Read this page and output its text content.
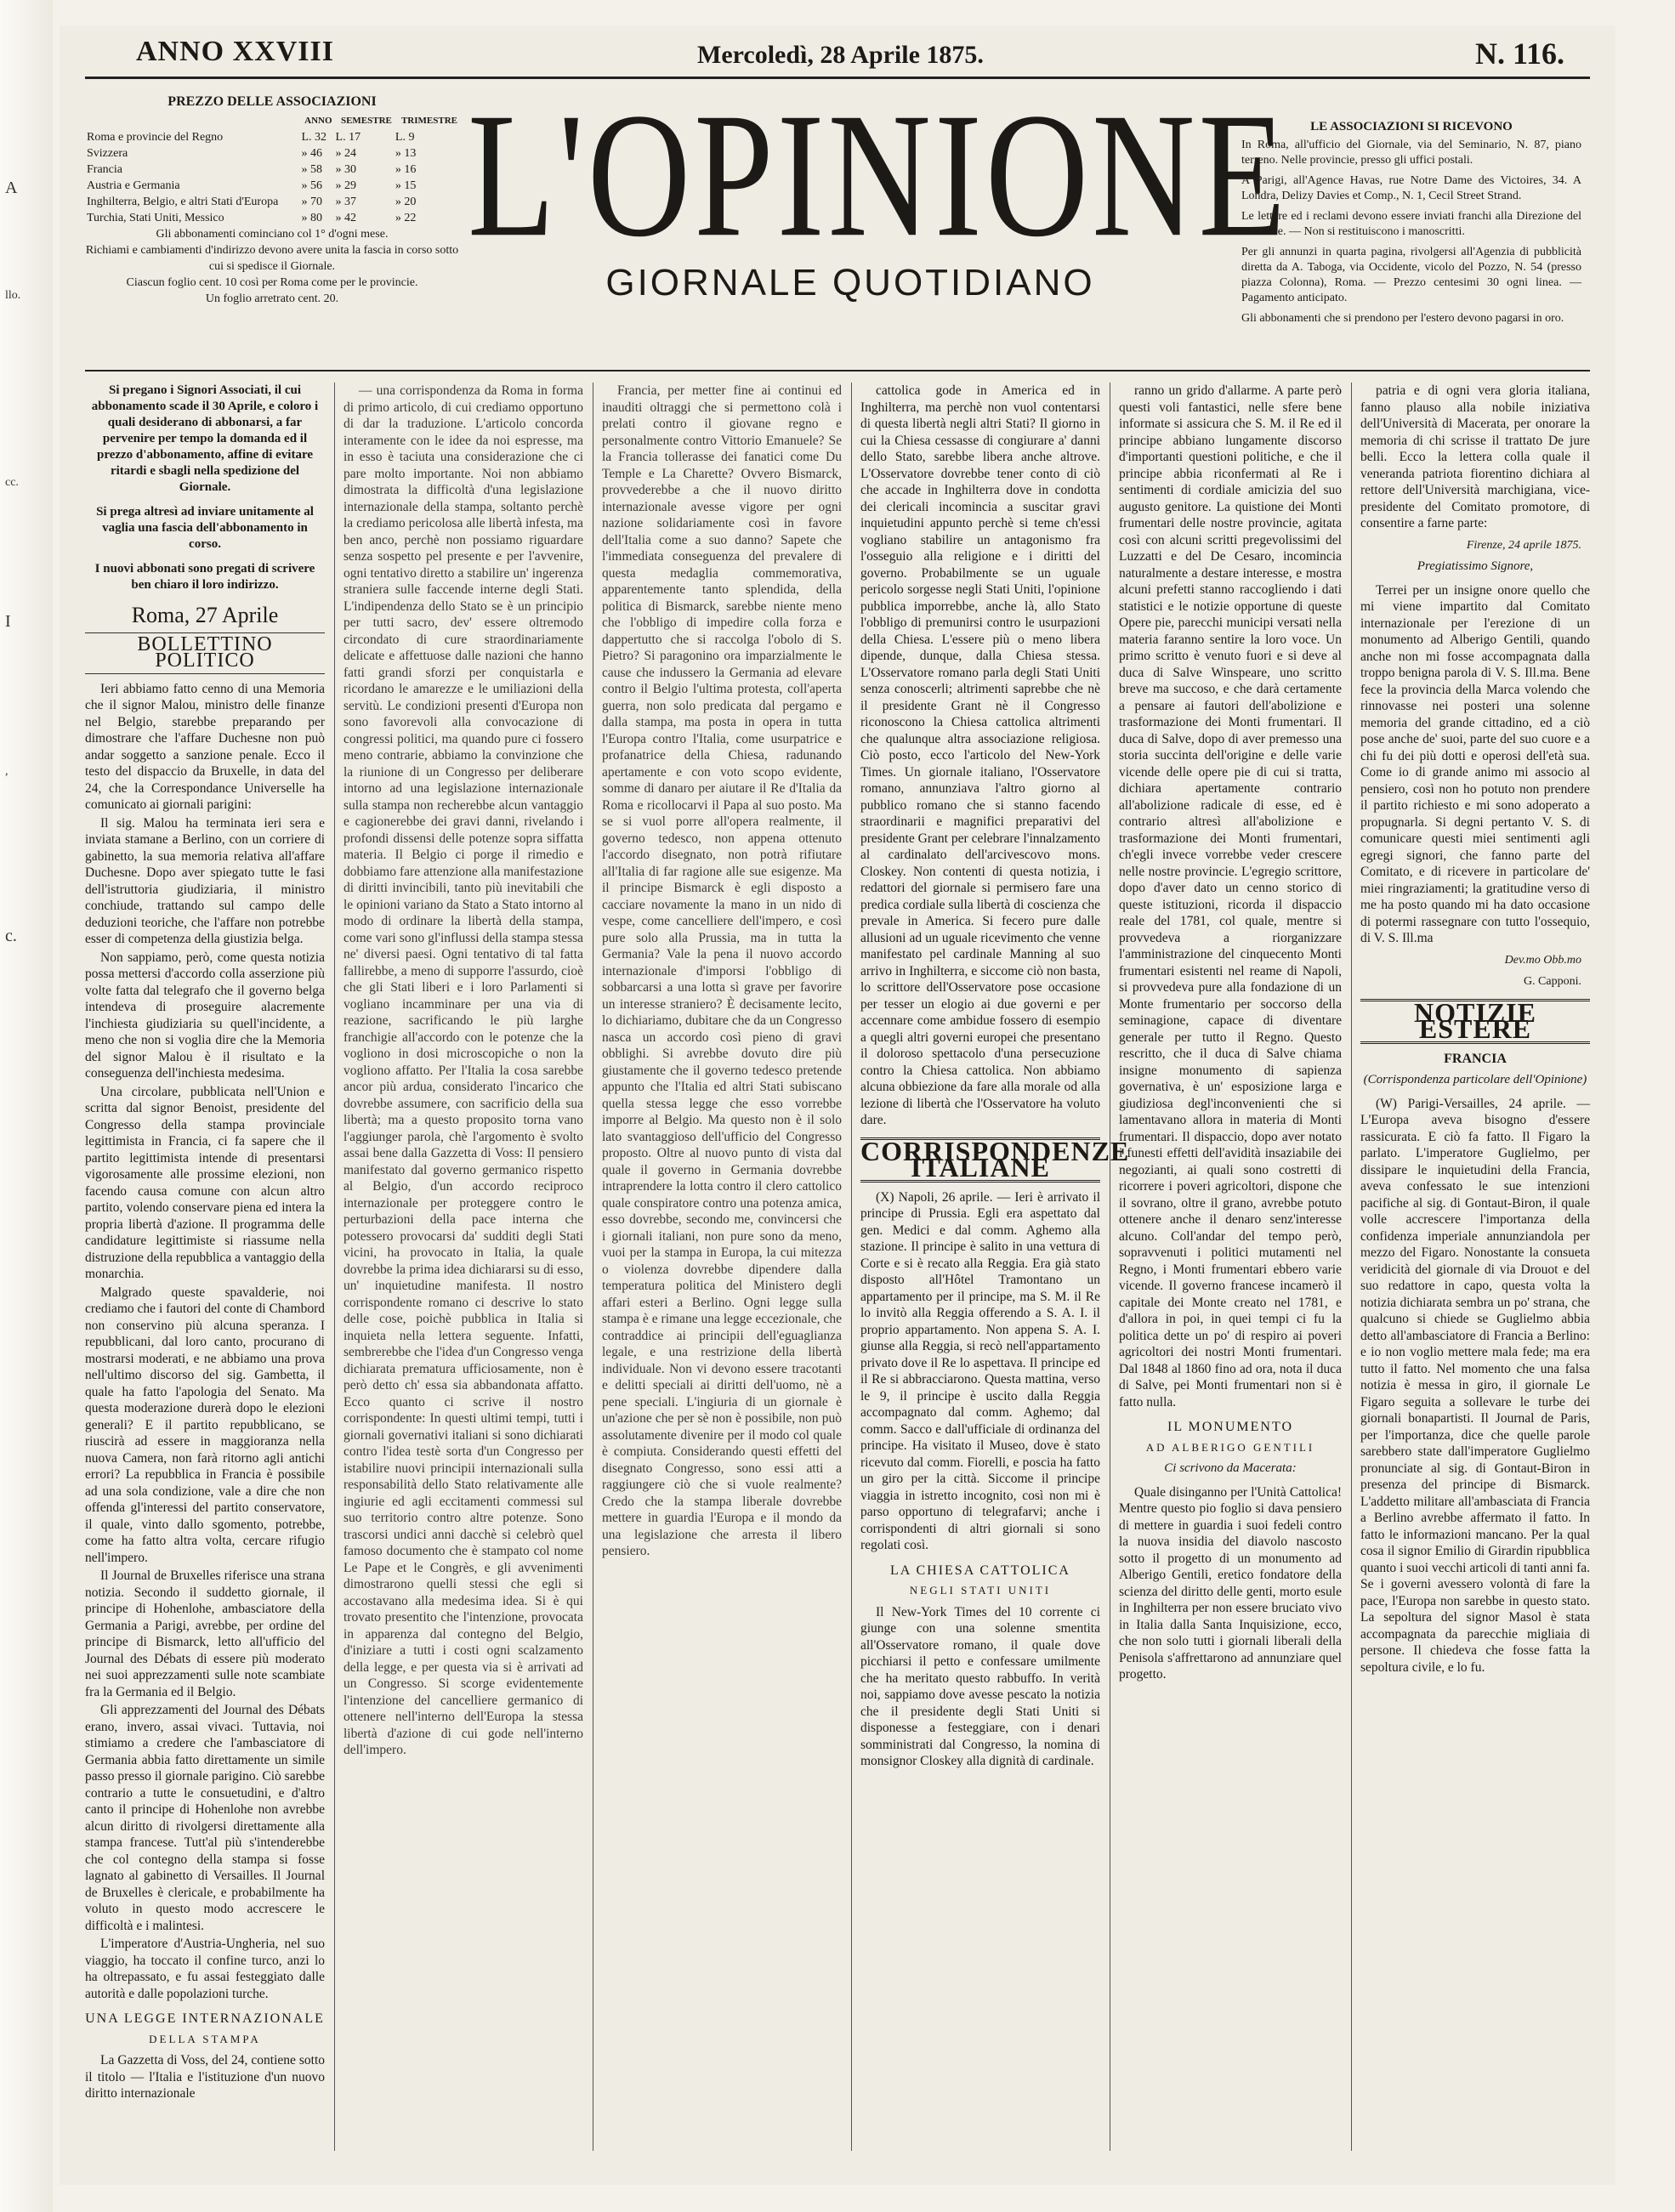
A
llo.
cc.
I
,
c.
ANNO XXVIII	Mercoledì, 28 Aprile 1875.	N. 116.
PREZZO DELLE ASSOCIAZIONI
	ANNO	SEMESTRE	TRIMESTRE
Roma e provincie del Regno	L. 32	L. 17	L. 9
Svizzera	» 46	» 24	» 13
Francia	» 58	» 30	» 16
Austria e Germania	» 56	» 29	» 15
Inghilterra, Belgio, e altri Stati d'Europa	» 70	» 37	» 20
Turchia, Stati Uniti, Messico	» 80	» 42	» 22

Gli abbonamenti cominciano col 1° d'ogni mese.

Richiami e cambiamenti d'indirizzo devono avere unita la fascia in corso sotto cui si spedisce il Giornale.

Ciascun foglio cent. 10 così per Roma come per le provincie.

Un foglio arretrato cent. 20.

L'OPINIONE
GIORNALE QUOTIDIANO
LE ASSOCIAZIONI SI RICEVONO

In Roma, all'ufficio del Giornale, via del Seminario, N. 87, piano terreno. Nelle provincie, presso gli uffici postali.

A Parigi, all'Agence Havas, rue Notre Dame des Victoires, 34. A Londra, Delizy Davies et Comp., N. 1, Cecil Street Strand.

Le lettere ed i reclami devono essere inviati franchi alla Direzione del Giornale. — Non si restituiscono i manoscritti.

Per gli annunzi in quarta pagina, rivolgersi all'Agenzia di pubblicità diretta da A. Taboga, via Occidente, vicolo del Pozzo, N. 54 (presso piazza Colonna), Roma. — Prezzo centesimi 30 ogni linea. — Pagamento anticipato.

Gli abbonamenti che si prendono per l'estero devono pagarsi in oro.

Si pregano i Signori Associati, il cui abbonamento scade il 30 Aprile, e coloro i quali desiderano di abbonarsi, a far pervenire per tempo la domanda ed il prezzo d'abbonamento, affine di evitare ritardi e sbagli nella spedizione del Giornale.
Si prega altresì ad inviare unitamente al vaglia una fascia dell'abbonamento in corso.
I nuovi abbonati sono pregati di scrivere ben chiaro il loro indirizzo.
Roma, 27 Aprile
BOLLETTINO POLITICO

Ieri abbiamo fatto cenno di una Memoria che il signor Malou, ministro delle finanze nel Belgio, starebbe preparando per dimostrare che l'affare Duchesne non può andar soggetto a sanzione penale. Ecco il testo del dispaccio da Bruxelle, in data del 24, che la Correspondance Universelle ha comunicato ai giornali parigini:

Il sig. Malou ha terminata ieri sera e inviata stamane a Berlino, con un corriere di gabinetto, la sua memoria relativa all'affare Duchesne. Dopo aver spiegato tutte le fasi dell'istruttoria giudiziaria, il ministro conchiude, trattando sul campo delle deduzioni teoriche, che l'affare non potrebbe esser di competenza della giustizia belga.

Non sappiamo, però, come questa notizia possa mettersi d'accordo colla asserzione più volte fatta dal telegrafo che il governo belga intendeva di proseguire alacremente l'inchiesta giudiziaria su quell'incidente, a meno che non si voglia dire che la Memoria del signor Malou è il risultato e la conseguenza dell'inchiesta medesima.

Una circolare, pubblicata nell'Union e scritta dal signor Benoist, presidente del Congresso della stampa provinciale legittimista in Francia, ci fa sapere che il partito legittimista intende di presentarsi vigorosamente alle prossime elezioni, non facendo causa comune con alcun altro partito, volendo conservare piena ed intera la propria libertà d'azione. Il programma delle candidature legittimiste si riassume nella distruzione della repubblica a vantaggio della monarchia.

Malgrado queste spavalderie, noi crediamo che i fautori del conte di Chambord non conservino più alcuna speranza. I repubblicani, dal loro canto, procurano di mostrarsi moderati, e ne abbiamo una prova nell'ultimo discorso del sig. Gambetta, il quale ha fatto l'apologia del Senato. Ma questa moderazione durerà dopo le elezioni generali? E il partito repubblicano, se riuscirà ad essere in maggioranza nella nuova Camera, non farà ritorno agli antichi errori? La repubblica in Francia è possibile ad una sola condizione, vale a dire che non offenda gl'interessi del partito conservatore, il quale, vinto dallo sgomento, potrebbe, come ha fatto altra volta, cercare rifugio nell'impero.

Il Journal de Bruxelles riferisce una strana notizia. Secondo il suddetto giornale, il principe di Hohenlohe, ambasciatore della Germania a Parigi, avrebbe, per ordine del principe di Bismarck, letto all'ufficio del Journal des Débats di essere più moderato nei suoi apprezzamenti sulle note scambiate fra la Germania ed il Belgio.

Gli apprezzamenti del Journal des Débats erano, invero, assai vivaci. Tuttavia, noi stimiamo a credere che l'ambasciatore di Germania abbia fatto direttamente un simile passo presso il giornale parigino. Ciò sarebbe contrario a tutte le consuetudini, e d'altro canto il principe di Hohenlohe non avrebbe alcun diritto di rivolgersi direttamente alla stampa francese. Tutt'al più s'intenderebbe che col contegno della stampa si fosse lagnato al gabinetto di Versailles. Il Journal de Bruxelles è clericale, e probabilmente ha voluto in questo modo accrescere le difficoltà e i malintesi.

L'imperatore d'Austria-Ungheria, nel suo viaggio, ha toccato il confine turco, anzi lo ha oltrepassato, e fu assai festeggiato dalle autorità e dalle popolazioni turche.

UNA LEGGE INTERNAZIONALE
DELLA STAMPA

La Gazzetta di Voss, del 24, contiene sotto il titolo — l'Italia e l'istituzione d'un nuovo diritto internazionale

— una corrispondenza da Roma in forma di primo articolo, di cui crediamo opportuno di dar la traduzione. L'articolo concorda interamente con le idee da noi espresse, ma in esso è taciuta una considerazione che ci pare molto importante. Noi non abbiamo dimostrata la difficoltà d'una legislazione internazionale della stampa, soltanto perchè la crediamo pericolosa alle libertà infesta, ma ben anco, perchè non possiamo riguardare senza sospetto pel presente e per l'avvenire, ogni tentativo diretto a stabilire un' ingerenza straniera sulle faccende interne degli Stati. L'indipendenza dello Stato se è un principio per tutti sacro, dev' essere oltremodo circondato di cure straordinariamente delicate e affettuose dalle nazioni che hanno fatti grandi sforzi per conquistarla e ricordano le amarezze e le umiliazioni della servitù. Le condizioni presenti d'Europa non sono favorevoli alla convocazione di congressi politici, ma quando pure ci fossero meno contrarie, abbiamo la convinzione che la riunione di un Congresso per deliberare intorno ad una legislazione internazionale sulla stampa non recherebbe alcun vantaggio e cagionerebbe dei gravi danni, rivelando i profondi dissensi delle potenze sopra siffatta materia. Il Belgio ci porge il rimedio e dobbiamo fare attenzione alla manifestazione di diritti invincibili, tanto più inevitabili che le opinioni variano da Stato a Stato intorno al modo di ordinare la libertà della stampa, come vari sono gl'influssi della stampa stessa ne' diversi paesi. Ogni tentativo di tal fatta fallirebbe, a meno di supporre l'assurdo, cioè che gli Stati liberi e i loro Parlamenti si vogliano incamminare per una via di reazione, sacrificando le più larghe franchigie all'accordo con le potenze che la vogliono in dosi microscopiche o non la vogliono affatto. Per l'Italia la cosa sarebbe ancor più ardua, considerato l'incarico che dovrebbe assumere, con sacrificio della sua libertà; ma a questo proposito torna vano l'aggiunger parola, chè l'argomento è svolto assai bene dalla Gazzetta di Voss: Il pensiero manifestato dal governo germanico rispetto al Belgio, d'un accordo reciproco internazionale per proteggere contro le perturbazioni della pace interna che potessero provocarsi da' sudditi degli Stati vicini, ha provocato in Italia, la quale dovrebbe la prima idea dichiararsi su di esso, un' inquietudine manifesta. Il nostro corrispondente romano ci descrive lo stato delle cose, poichè pubblica in Italia si inquieta nella lettera seguente. Infatti, sembrerebbe che l'idea d'un Congresso venga dichiarata prematura ufficiosamente, non è però detto ch' essa sia abbandonata affatto. Ecco quanto ci scrive il nostro corrispondente: In questi ultimi tempi, tutti i giornali governativi italiani si sono dichiarati contro l'idea testè sorta d'un Congresso per istabilire nuovi principii internazionali sulla responsabilità dello Stato relativamente alle ingiurie ed agli eccitamenti commessi sul suo territorio contro altre potenze. Sono trascorsi undici anni dacchè si celebrò quel famoso documento che è stampato col nome Le Pape et le Congrès, e gli avvenimenti dimostrarono quelli stessi che egli si accostavano alla medesima idea. Si è qui trovato presentito che l'intenzione, provocata in apparenza dal contegno del Belgio, d'iniziare a tutti i costi ogni scalzamento della legge, e per questa via si è arrivati ad un Congresso. Si scorge evidentemente l'intenzione del cancelliere germanico di ottenere nell'interno dell'Europa la stessa libertà d'azione di cui gode nell'interno dell'impero.

Francia, per metter fine ai continui ed inauditi oltraggi che si permettono colà i prelati contro il giovane regno e personalmente contro Vittorio Emanuele? Se la Francia tollerasse dei fanatici come Du Temple e La Charette? Ovvero Bismarck, provvederebbe a che il nuovo diritto internazionale avesse vigore per ogni nazione solidariamente così in favore dell'Italia come a suo danno? Sapete che l'immediata conseguenza del prevalere di questa medaglia commemorativa, apparentemente tanto splendida, della politica di Bismarck, sarebbe niente meno che l'obbligo di impedire colla forza e dappertutto che si raccolga l'obolo di S. Pietro? Si paragonino ora imparzialmente le cause che indussero la Germania ad elevare contro il Belgio l'ultima protesta, coll'aperta guerra, non solo predicata dal pergamo e dalla stampa, ma posta in opera in tutta l'Europa contro l'Italia, come usurpatrice e profanatrice della Chiesa, radunando apertamente e con voto scopo evidente, somme di danaro per aiutare il Re d'Italia da Roma e ricollocarvi il Papa al suo posto. Ma se si vuol porre all'opera realmente, il governo tedesco, non appena ottenuto l'accordo disegnato, non potrà rifiutare all'Italia di far ragione alle sue esigenze. Ma il principe Bismarck è egli disposto a cacciare novamente la mano in un nido di vespe, come cancelliere dell'impero, e così pure solo alla Prussia, ma in tutta la Germania? Vale la pena il nuovo accordo internazionale d'imporsi l'obbligo di sobbarcarsi a una lotta sì grave per favorire un interesse straniero? È decisamente lecito, lo dichiariamo, dubitare che da un Congresso nasca un accordo così pieno di gravi obblighi. Si avrebbe dovuto dire più giustamente che il governo tedesco pretende appunto che l'Italia ed altri Stati subiscano quella stessa legge che esso vorrebbe imporre al Belgio. Ma questo non è il solo lato svantaggioso dell'ufficio del Congresso proposto. Oltre al nuovo punto di vista dal quale il governo in Germania dovrebbe intraprendere la lotta contro il clero cattolico quale conspiratore contro una potenza amica, esso dovrebbe, secondo me, convincersi che i giornali italiani, non pure sono da meno, vuoi per la stampa in Europa, la cui mitezza o violenza dovrebbe dipendere dalla temperatura politica del Ministero degli affari esteri a Berlino. Ogni legge sulla stampa è e rimane una legge eccezionale, che contraddice ai principii dell'eguaglianza legale, e una restrizione della libertà individuale. Non vi devono essere tracotanti e delitti speciali ai diritti dell'uomo, nè a pene speciali. L'ingiuria di un giornale è un'azione che per sè non è possibile, non può assolutamente divenire per il modo col quale è compiuta. Considerando questi effetti del disegnato Congresso, sono essi atti a raggiungere ciò che si vuole realmente? Credo che la stampa liberale dovrebbe mettere in guardia l'Europa e il mondo da una legislazione che arresta il libero pensiero.

cattolica gode in America ed in Inghilterra, ma perchè non vuol contentarsi di questa libertà negli altri Stati? Il giorno in cui la Chiesa cessasse di congiurare a' danni dello Stato, sarebbe libera anche altrove. L'Osservatore dovrebbe tener conto di ciò che accade in Inghilterra dove in condotta dei clericali incomincia a suscitar gravi inquietudini appunto perchè si teme ch'essi vogliano stabilire un antagonismo fra l'osseguio alla religione e i diritti del governo. Probabilmente se un uguale pericolo sorgesse negli Stati Uniti, l'opinione pubblica imporrebbe, anche là, allo Stato l'obbligo di premunirsi contro le usurpazioni della Chiesa. L'essere più o meno libera dipende, dunque, dalla Chiesa stessa. L'Osservatore romano parla degli Stati Uniti senza conoscerli; altrimenti saprebbe che nè il presidente Grant nè il Congresso riconoscono la Chiesa cattolica altrimenti che qualunque altra associazione religiosa. Ciò posto, ecco l'articolo del New-York Times. Un giornale italiano, l'Osservatore romano, annunziava l'altro giorno al pubblico romano che si stanno facendo straordinarii e magnifici preparativi del presidente Grant per celebrare l'innalzamento al cardinalato dell'arcivescovo mons. Closkey. Non contenti di questa notizia, i redattori del giornale si permisero fare una predica cordiale sulla libertà di coscienza che prevale in America. Si fecero pure dalle allusioni ad un uguale ricevimento che venne manifestato pel cardinale Manning al suo arrivo in Inghilterra, e siccome ciò non basta, lo scrittore dell'Osservatore pose occasione per tesser un elogio ai due governi e per accennare come ambidue fossero di esempio a quegli altri governi europei che presentano il doloroso spettacolo d'una persecuzione contro la Chiesa cattolica. Non abbiamo alcuna obbiezione da fare alla morale od alla lezione di libertà che l'Osservatore ha voluto dare.

CORRISPONDENZE ITALIANE

(X) Napoli, 26 aprile. — Ieri è arrivato il principe di Prussia. Egli era aspettato dal gen. Medici e dal comm. Aghemo alla stazione. Il principe è salito in una vettura di Corte e si è recato alla Reggia. Era già stato disposto all'Hôtel Tramontano un appartamento per il principe, ma S. M. il Re lo invitò alla Reggia offerendo a S. A. I. il proprio appartamento. Non appena S. A. I. giunse alla Reggia, si recò nell'appartamento privato dove il Re lo aspettava. Il principe ed il Re si abbracciarono. Questa mattina, verso le 9, il principe è uscito dalla Reggia accompagnato dal comm. Aghemo; dal comm. Sacco e dall'ufficiale di ordinanza del principe. Ha visitato il Museo, dove è stato ricevuto dal comm. Fiorelli, e poscia ha fatto un giro per la città. Siccome il principe viaggia in istretto incognito, così non mi è parso opportuno di telegrafarvi; anche i corrispondenti di altri giornali si sono regolati così.

LA CHIESA CATTOLICA
NEGLI STATI UNITI

Il New-York Times del 10 corrente ci giunge con una solenne smentita all'Osservatore romano, il quale dove picchiarsi il petto e confessare umilmente che ha meritato questo rabbuffo. In verità noi, sappiamo dove avesse pescato la notizia che il presidente degli Stati Uniti si disponesse a festeggiare, con i denari somministrati dal Congresso, la nomina di monsignor Closkey alla dignità di cardinale.

ranno un grido d'allarme. A parte però questi voli fantastici, nelle sfere bene informate si assicura che S. M. il Re ed il principe abbiano lungamente discorso d'importanti questioni politiche, e che il principe abbia riconfermati al Re i sentimenti di cordiale amicizia del suo augusto genitore. La quistione dei Monti frumentari delle nostre provincie, agitata così con alcuni scritti pregevolissimi del Luzzatti e del De Cesaro, incomincia naturalmente a destare interesse, e mostra alcuni prefetti stanno raccogliendo i dati statistici e le notizie opportune di queste Opere pie, parecchi municipi versati nella materia faranno sentire la loro voce. Un primo scritto è venuto fuori e si deve al duca di Salve Winspeare, uno scritto breve ma succoso, e che darà certamente a pensare ai fautori dell'abolizione e trasformazione dei Monti frumentari. Il duca di Salve, dopo di aver premesso una storia succinta dell'origine e delle varie vicende delle opere pie di cui si tratta, dichiara apertamente contrario all'abolizione radicale di esse, ed è contrario altresì all'abolizione e trasformazione dei Monti frumentari, ch'egli invece vorrebbe veder crescere nelle nostre provincie. L'egregio scrittore, dopo d'aver dato un cenno storico di queste istituzioni, ricorda il dispaccio reale del 1781, col quale, mentre si provvedeva a riorganizzare l'amministrazione del cinquecento Monti frumentari esistenti nel reame di Napoli, si provvedeva pure alla fondazione di un Monte frumentario per soccorso della seminagione, capace di diventare generale per tutto il Regno. Questo rescritto, che il duca di Salve chiama insigne monumento di sapienza governativa, è un' esposizione larga e giudiziosa degl'inconvenienti che si lamentavano allora in materia di Monti frumentari. Il dispaccio, dopo aver notato i funesti effetti dell'avidità insaziabile dei negozianti, ai quali sono costretti di ricorrere i poveri agricoltori, dispone che il sovrano, oltre il grano, avrebbe potuto ottenere anche il denaro senz'interesse alcuno. Coll'andar del tempo però, sopravvenuti i politici mutamenti nel Regno, i Monti frumentari ebbero varie vicende. Il governo francese incamerò il capitale dei Monte creato nel 1781, e d'allora in poi, in quei tempi ci fu la politica dette un po' di respiro ai poveri agricoltori dei nostri Monti frumentari. Dal 1848 al 1860 fino ad ora, nota il duca di Salve, pei Monti frumentari non si è fatto nulla.

IL MONUMENTO
AD ALBERIGO GENTILI
Ci scrivono da Macerata:

Quale disinganno per l'Unità Cattolica! Mentre questo pio foglio si dava pensiero di mettere in guardia i suoi fedeli contro la nuova insidia del diavolo nascosto sotto il progetto di un monumento ad Alberigo Gentili, eretico fondatore della scienza del diritto delle genti, morto esule in Inghilterra per non essere bruciato vivo in Italia dalla Santa Inquisizione, ecco, che non solo tutti i giornali liberali della Penisola s'affrettarono ad annunziare quel progetto.

patria e di ogni vera gloria italiana, fanno plauso alla nobile iniziativa dell'Università di Macerata, per onorare la memoria di chi scrisse il trattato De jure belli. Ecco la lettera colla quale il veneranda patriota fiorentino dichiara al rettore dell'Università marchigiana, vice-presidente del Comitato promotore, di consentire a farne parte:

Firenze, 24 aprile 1875.
Pregiatissimo Signore,

Terrei per un insigne onore quello che mi viene impartito dal Comitato internazionale per l'erezione di un monumento ad Alberigo Gentili, quando anche non mi fosse accompagnata dalla troppo benigna parola di V. S. Ill.ma. Bene fece la provincia della Marca volendo che rinnovasse nei posteri una solenne memoria del grande cittadino, ed a ciò pose anche de' suoi, parte del suo cuore e a chi fu dei più dotti e operosi dell'età sua. Come io di grande animo mi associo al pensiero, così non ho potuto non prendere il partito richiesto e mi sono adoperato a propugnarla. Si degni pertanto V. S. di comunicare questi miei sentimenti agli egregi signori, che fanno parte del Comitato, e di ricevere in particolare de' miei ringraziamenti; la gratitudine verso di me ha posto quando mi ha dato occasione di potermi rassegnare con tutto l'ossequio, di V. S. Ill.ma

Dev.mo Obb.mo
G. Capponi.
NOTIZIE ESTERE
FRANCIA
(Corrispondenza particolare dell'Opinione)

(W) Parigi-Versailles, 24 aprile. — L'Europa aveva bisogno d'essere rassicurata. E ciò fa fatto. Il Figaro la parlato. L'imperatore Guglielmo, per dissipare le inquietudini della Francia, aveva confessato le sue intenzioni pacifiche al sig. di Gontaut-Biron, il quale volle accrescere l'importanza della confidenza imperiale annunziandola per mezzo del Figaro. Nonostante la consueta veridicità del giornale di via Drouot e del suo redattore in capo, questa volta la notizia dichiarata sembra un po' strana, che qualcuno si chiede se Guglielmo abbia detto all'ambasciatore di Francia a Berlino: e io non voglio mettere mala fede; ma era tutto il fatto. Nel momento che una falsa notizia è messa in giro, il giornale Le Figaro seguita a sollevare le turbe dei giornali bonapartisti. Il Journal de Paris, per l'importanza, dice che quelle parole sarebbero state dall'imperatore Guglielmo pronunciate al sig. di Gontaut-Biron in presenza del principe di Bismarck. L'addetto militare all'ambasciata di Francia a Berlino avrebbe affermato il fatto. In fatto le informazioni mancano. Per la qual cosa il signor Emilio di Girardin ripubblica quanto i suoi vecchi articoli di tanti anni fa. Se i governi avessero volontà di fare la pace, l'Europa non sarebbe in questo stato. La sepoltura del signor Masol è stata accompagnata da parecchie migliaia di persone. Il chiedeva che fosse fatta la sepoltura civile, e lo fu.
